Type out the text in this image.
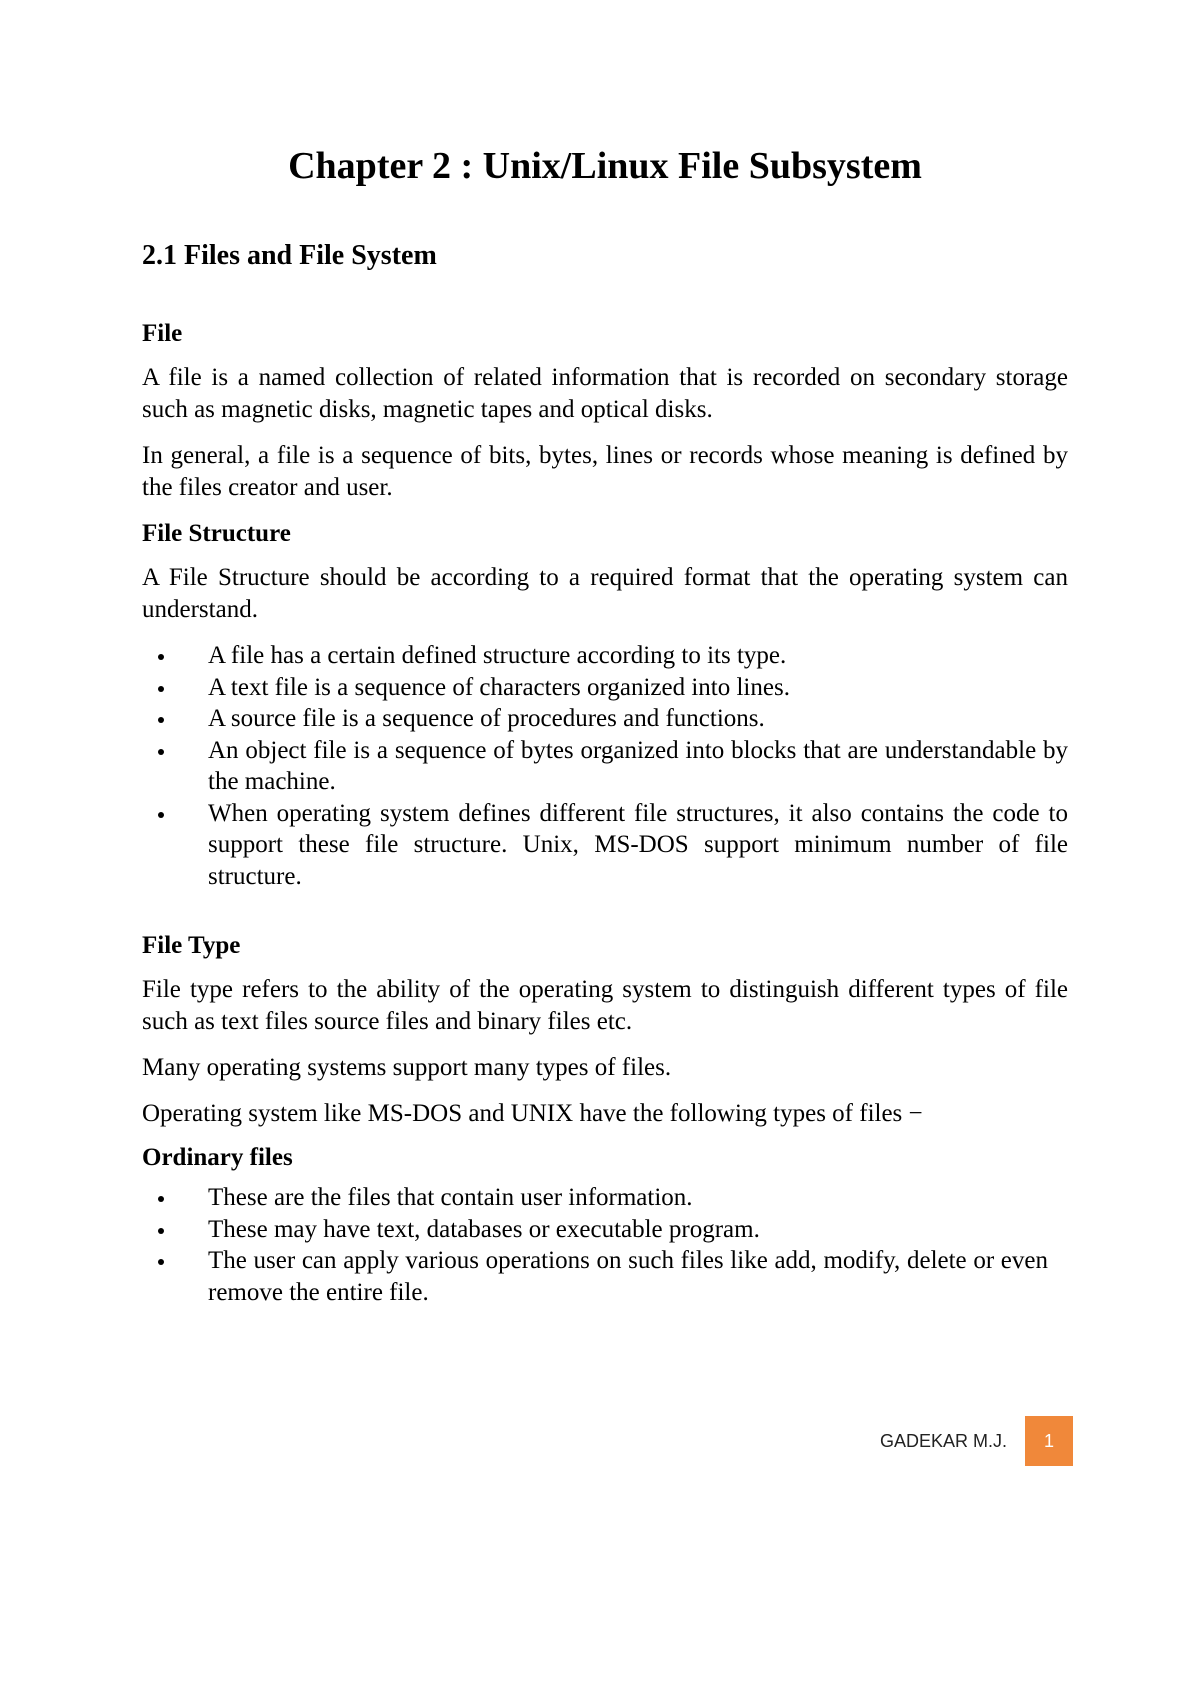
Chapter 2 : Unix/Linux File Subsystem
2.1 Files and File System
File

A file is a named collection of related information that is recorded on secondary storage such as magnetic disks, magnetic tapes and optical disks.

In general, a file is a sequence of bits, bytes, lines or records whose meaning is defined by the files creator and user.

File Structure

A File Structure should be according to a required format that the operating system can understand.

A file has a certain defined structure according to its type.
A text file is a sequence of characters organized into lines.
A source file is a sequence of procedures and functions.
An object file is a sequence of bytes organized into blocks that are understandable by the machine.
When operating system defines different file structures, it also contains the code to support these file structure. Unix, MS-DOS support minimum number of file structure.
File Type

File type refers to the ability of the operating system to distinguish different types of file such as text files source files and binary files etc.

Many operating systems support many types of files.

Operating system like MS-DOS and UNIX have the following types of files −

Ordinary files
These are the files that contain user information.
These may have text, databases or executable program.
The user can apply various operations on such files like add, modify, delete or even remove the entire file.
GADEKAR M.J.	1
